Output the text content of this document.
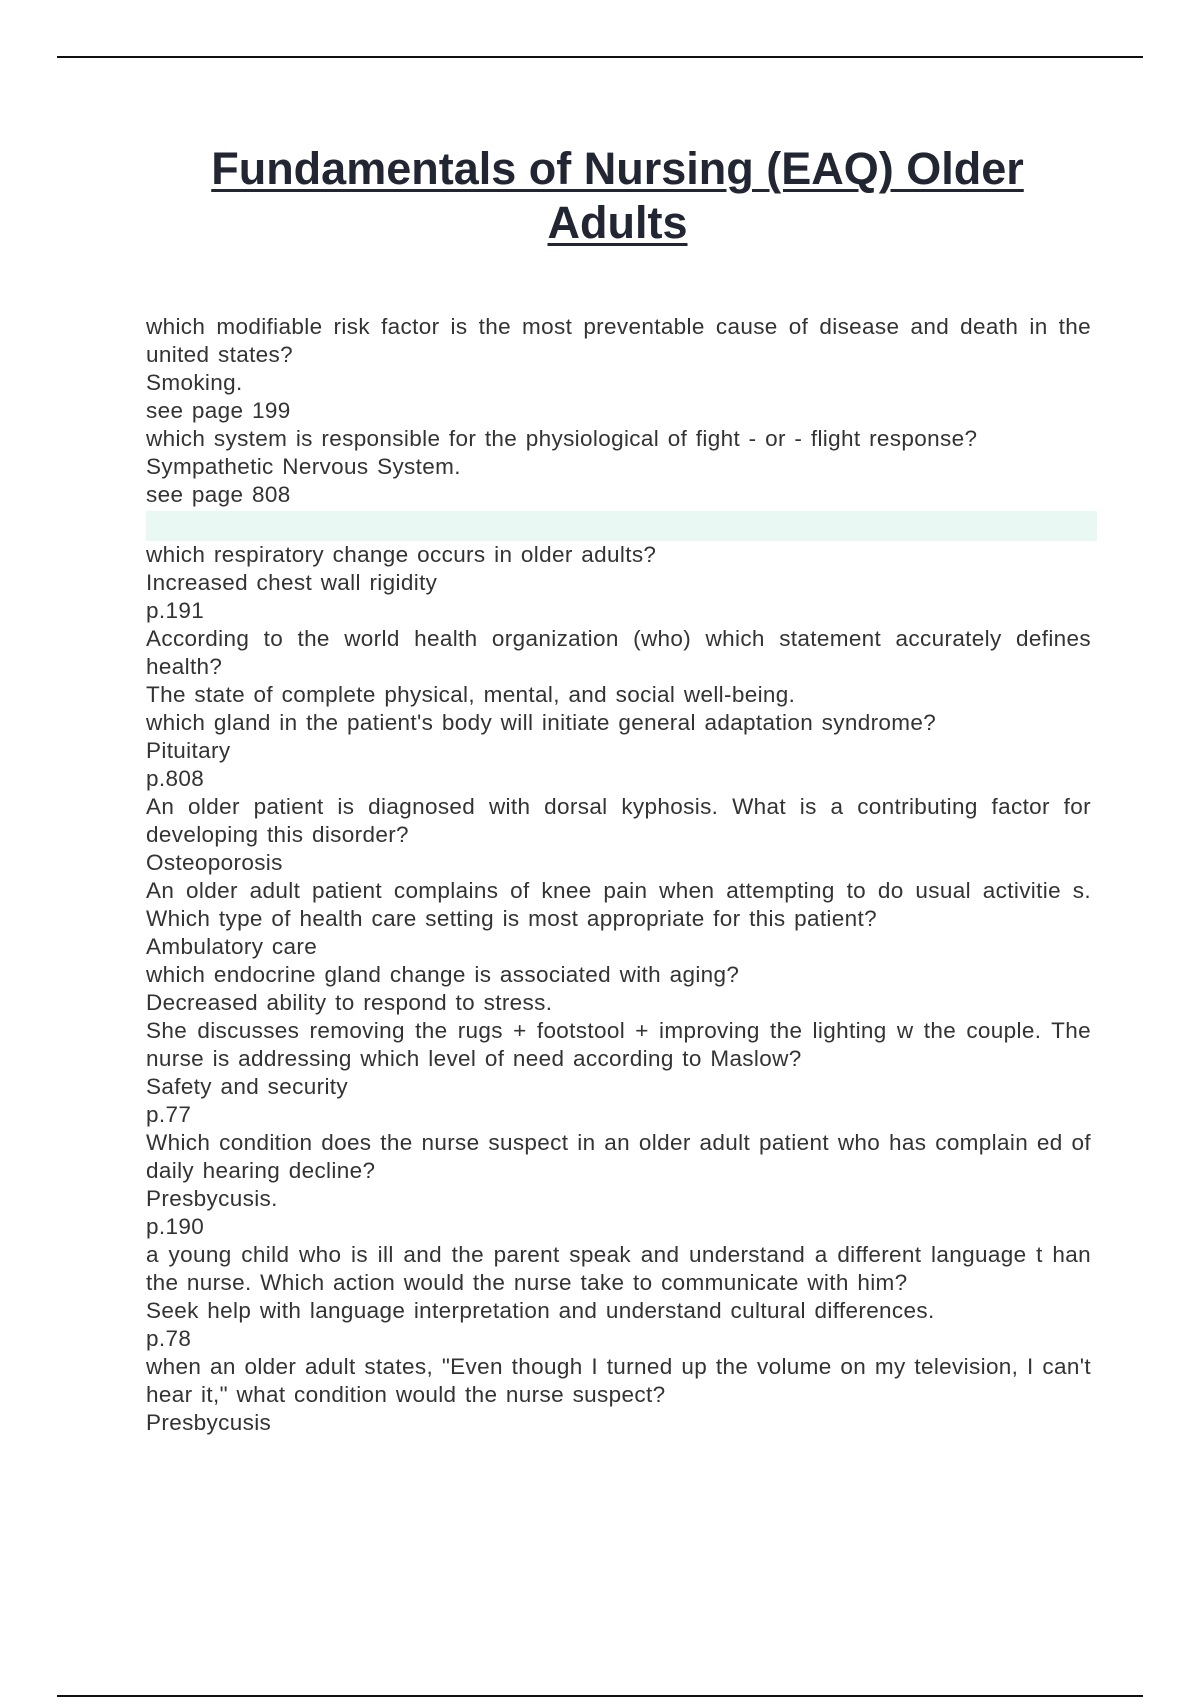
Fundamentals of Nursing (EAQ) Older Adults

which modifiable risk factor is the most preventable cause of disease and death in the united states?

Smoking.

see page 199

which system is responsible for the physiological of fight - or - flight response?

Sympathetic Nervous System.

see page 808

which respiratory change occurs in older adults?

Increased chest wall rigidity

p.191

According to the world health organization (who) which statement accurately defines health?

The state of complete physical, mental, and social well-being.

which gland in the patient's body will initiate general adaptation syndrome?

Pituitary

p.808

An older patient is diagnosed with dorsal kyphosis. What is a contributing factor for developing this disorder?

Osteoporosis

An older adult patient complains of knee pain when attempting to do usual activitie s. Which type of health care setting is most appropriate for this patient?

Ambulatory care

which endocrine gland change is associated with aging?

Decreased ability to respond to stress.

She discusses removing the rugs + footstool + improving the lighting w the couple. The nurse is addressing which level of need according to Maslow?

Safety and security

p.77

Which condition does the nurse suspect in an older adult patient who has complain ed of daily hearing decline?

Presbycusis.

p.190

a young child who is ill and the parent speak and understand a different language t han the nurse. Which action would the nurse take to communicate with him?

Seek help with language interpretation and understand cultural differences.

p.78

when an older adult states, "Even though I turned up the volume on my television, I can't hear it," what condition would the nurse suspect?

Presbycusis
